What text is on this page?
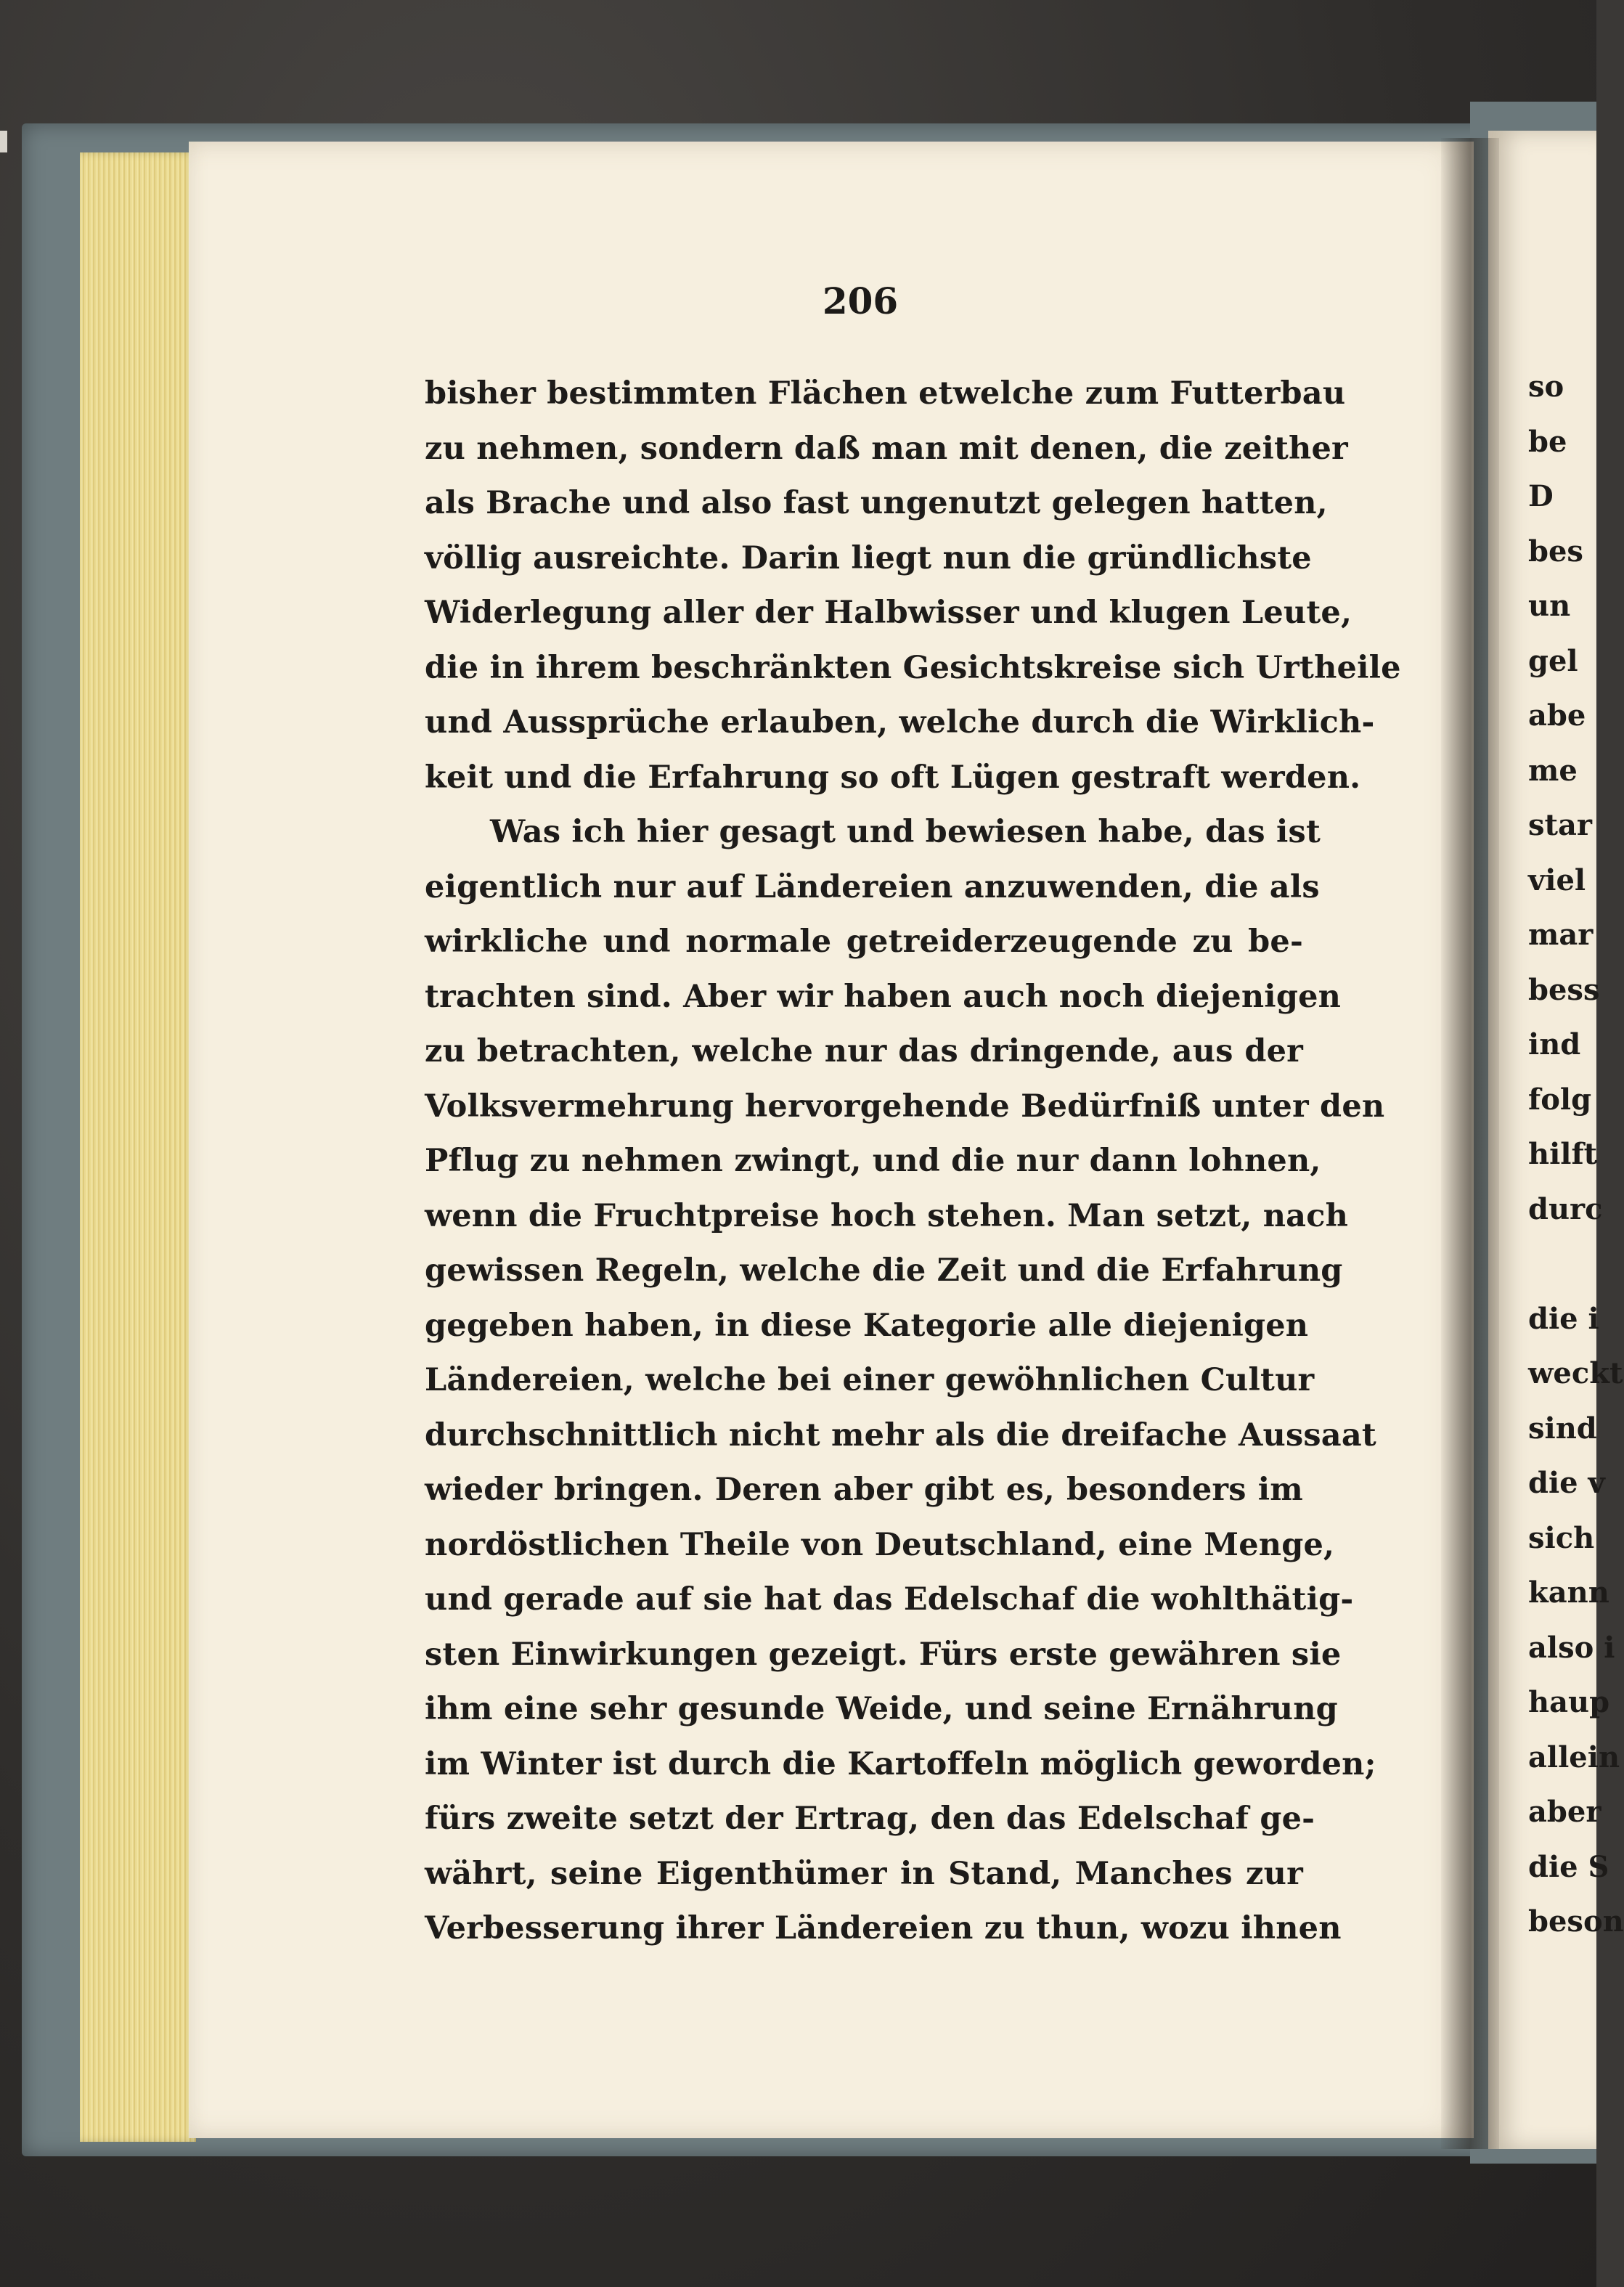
206
bisher bestimmten Flächen etwelche zum Futterbau
zu nehmen, sondern daß man mit denen, die zeither
als Brache und also fast ungenutzt gelegen hatten,
völlig ausreichte. Darin liegt nun die gründlichste
Widerlegung aller der Halbwisser und klugen Leute,
die in ihrem beschränkten Gesichtskreise sich Urtheile
und Aussprüche erlauben, welche durch die Wirklich-
keit und die Erfahrung so oft Lügen gestraft werden.
Was ich hier gesagt und bewiesen habe, das ist
eigentlich nur auf Ländereien anzuwenden, die als
wirkliche und normale getreiderzeugende zu be-
trachten sind. Aber wir haben auch noch diejenigen
zu betrachten, welche nur das dringende, aus der
Volksvermehrung hervorgehende Bedürfniß unter den
Pflug zu nehmen zwingt, und die nur dann lohnen,
wenn die Fruchtpreise hoch stehen. Man setzt, nach
gewissen Regeln, welche die Zeit und die Erfahrung
gegeben haben, in diese Kategorie alle diejenigen
Ländereien, welche bei einer gewöhnlichen Cultur
durchschnittlich nicht mehr als die dreifache Aussaat
wieder bringen. Deren aber gibt es, besonders im
nordöstlichen Theile von Deutschland, eine Menge,
und gerade auf sie hat das Edelschaf die wohlthätig-
sten Einwirkungen gezeigt. Fürs erste gewähren sie
ihm eine sehr gesunde Weide, und seine Ernährung
im Winter ist durch die Kartoffeln möglich geworden;
fürs zweite setzt der Ertrag, den das Edelschaf ge-
währt, seine Eigenthümer in Stand, Manches zur
Verbesserung ihrer Ländereien zu thun, wozu ihnen
so
be
D
bes
un
gel
abe
me
star
viel
mar
bess
ind
folg
hilft
durc
die i
weckt
sind
die v
sich
kann
also i
haup
allein
aber
die S
beson
